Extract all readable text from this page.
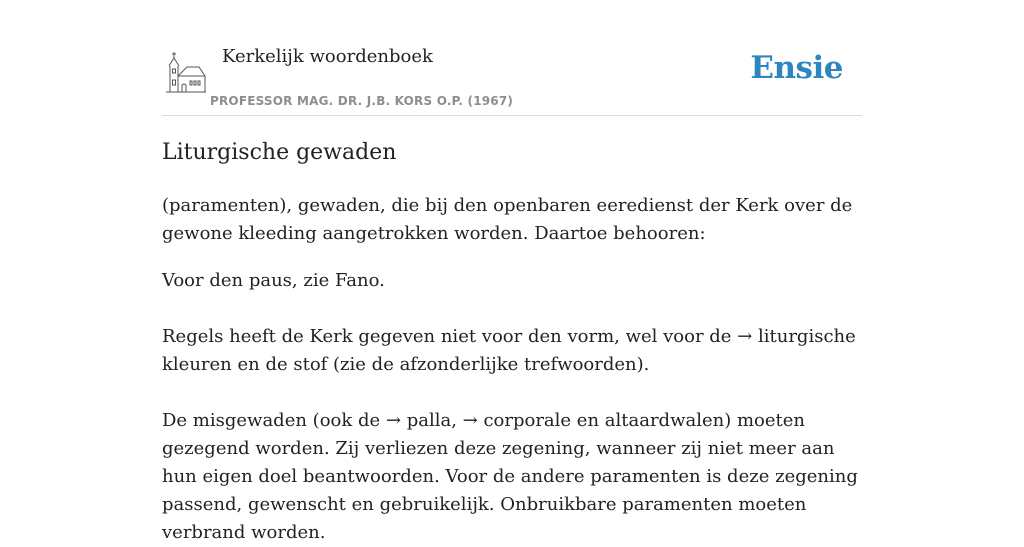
Kerkelijk woordenboek
PROFESSOR MAG. DR. J.B. KORS O.P. (1967)
Ensie
Liturgische gewaden

(paramenten), gewaden, die bij den openbaren eeredienst der Kerk over de gewone kleeding aangetrokken worden. Daartoe behooren:

Voor den paus, zie Fano.

Regels heeft de Kerk gegeven niet voor den vorm, wel voor de → liturgische kleuren en de stof (zie de afzonderlijke trefwoorden).

De misgewaden (ook de → palla, → corporale en altaardwalen) moeten gezegend worden. Zij verliezen deze zegening, wanneer zij niet meer aan hun eigen doel beantwoorden. Voor de andere paramenten is deze zegening passend, gewenscht en gebruikelijk. Onbruikbare paramenten moeten verbrand worden.
